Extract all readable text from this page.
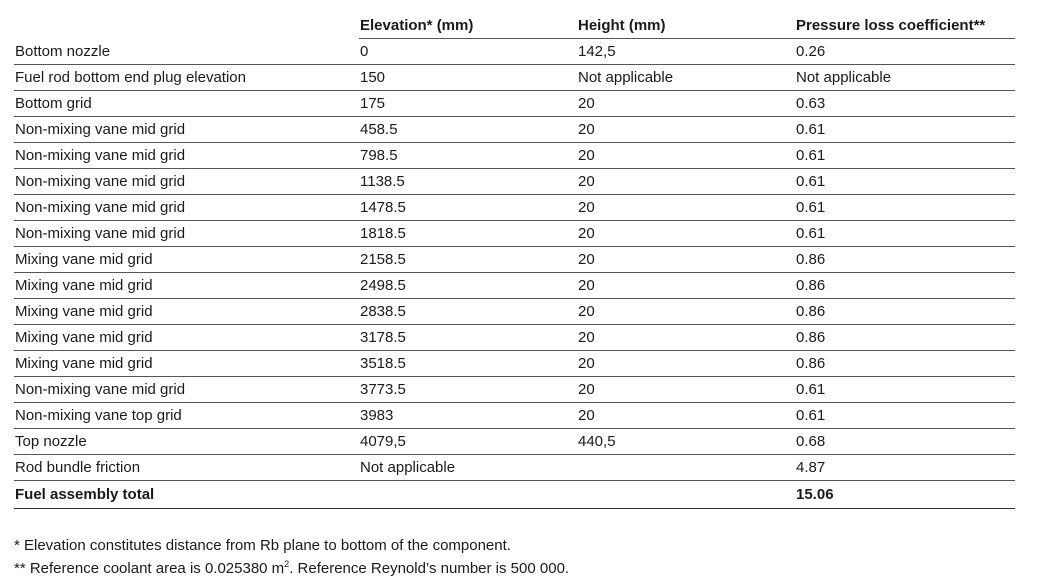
	Elevation* (mm)	Height (mm)	Pressure loss coefficient**
Bottom nozzle	0	142,5	0.26
Fuel rod bottom end plug elevation	150	Not applicable	Not applicable
Bottom grid	175	20	0.63
Non-mixing vane mid grid	458.5	20	0.61
Non-mixing vane mid grid	798.5	20	0.61
Non-mixing vane mid grid	1138.5	20	0.61
Non-mixing vane mid grid	1478.5	20	0.61
Non-mixing vane mid grid	1818.5	20	0.61
Mixing vane mid grid	2158.5	20	0.86
Mixing vane mid grid	2498.5	20	0.86
Mixing vane mid grid	2838.5	20	0.86
Mixing vane mid grid	3178.5	20	0.86
Mixing vane mid grid	3518.5	20	0.86
Non-mixing vane mid grid	3773.5	20	0.61
Non-mixing vane top grid	3983	20	0.61
Top nozzle	4079,5	440,5	0.68
Rod bundle friction	Not applicable		4.87
Fuel assembly total			15.06
* Elevation constitutes distance from Rb plane to bottom of the component.
** Reference coolant area is 0.025380 $m^2$. Reference Reynold’s number is 500 000.
